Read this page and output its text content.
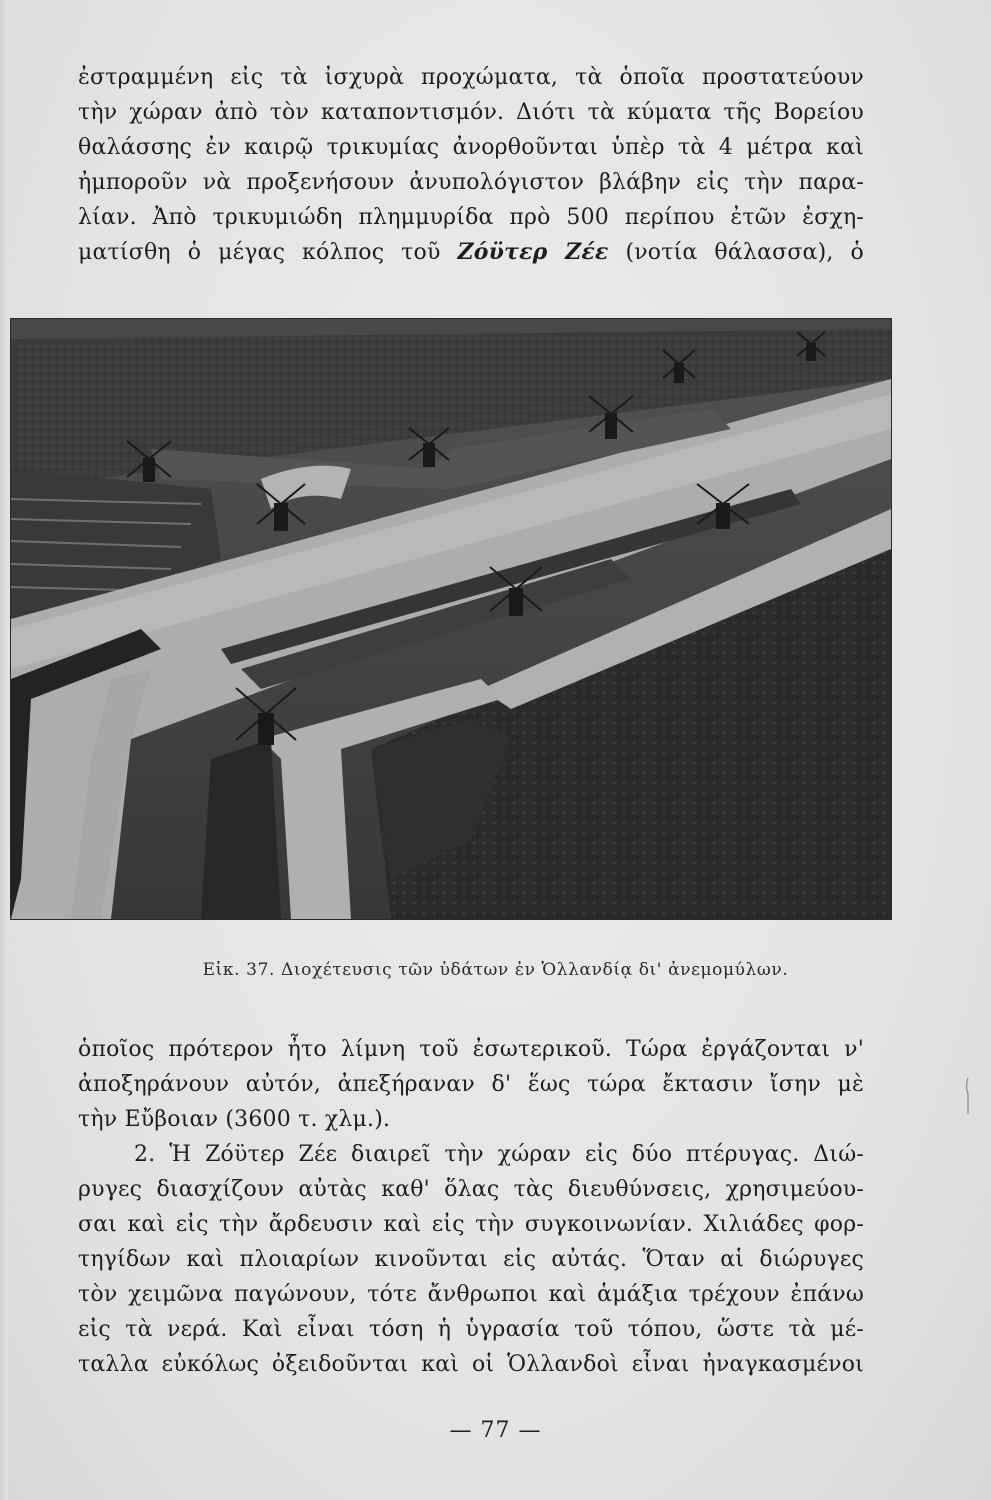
ἐστραμμένη εἰς τὰ ἰσχυρὰ προχώματα, τὰ ὁποῖα προστατεύουν
τὴν χώραν ἀπὸ τὸν καταποντισμόν. Διότι τὰ κύματα τῆς Βορείου
θαλάσσης ἐν καιρῷ τρικυμίας ἀνορθοῦνται ὑπὲρ τὰ 4 μέτρα καὶ
ἠμποροῦν νὰ προξενήσουν ἀνυπολόγιστον βλάβην εἰς τὴν παρα-
λίαν. Ἀπὸ τρικυμιώδη πλημμυρίδα πρὸ 500 περίπου ἐτῶν ἐσχη-
ματίσθη ὁ μέγας κόλπος τοῦ Ζόϋτερ Ζέε (νοτία θάλασσα), ὁ
Εἰκ. 37. Διοχέτευσις τῶν ὑδάτων ἐν Ὁλλανδίᾳ δι' ἀνεμομύλων.
ὁποῖος πρότερον ἦτο λίμνη τοῦ ἐσωτερικοῦ. Τώρα ἐργάζονται ν'
ἀποξηράνουν αὐτόν, ἀπεξήραναν δ' ἕως τώρα ἔκτασιν ἴσην μὲ
τὴν Εὔβοιαν (3600 τ. χλμ.).
2. Ἡ Ζόϋτερ Ζέε διαιρεῖ τὴν χώραν εἰς δύο πτέρυγας. Διώ-
ρυγες διασχίζουν αὐτὰς καθ' ὅλας τὰς διευθύνσεις, χρησιμεύου-
σαι καὶ εἰς τὴν ἄρδευσιν καὶ εἰς τὴν συγκοινωνίαν. Χιλιάδες φορ-
τηγίδων καὶ πλοιαρίων κινοῦνται εἰς αὐτάς. Ὅταν αἱ διώρυγες
τὸν χειμῶνα παγώνουν, τότε ἄνθρωποι καὶ ἁμάξια τρέχουν ἐπάνω
εἰς τὰ νερά. Καὶ εἶναι τόση ἡ ὑγρασία τοῦ τόπου, ὥστε τὰ μέ-
ταλλα εὐκόλως ὀξειδοῦνται καὶ οἱ Ὁλλανδοὶ εἶναι ἠναγκασμένοι
— 77 —
